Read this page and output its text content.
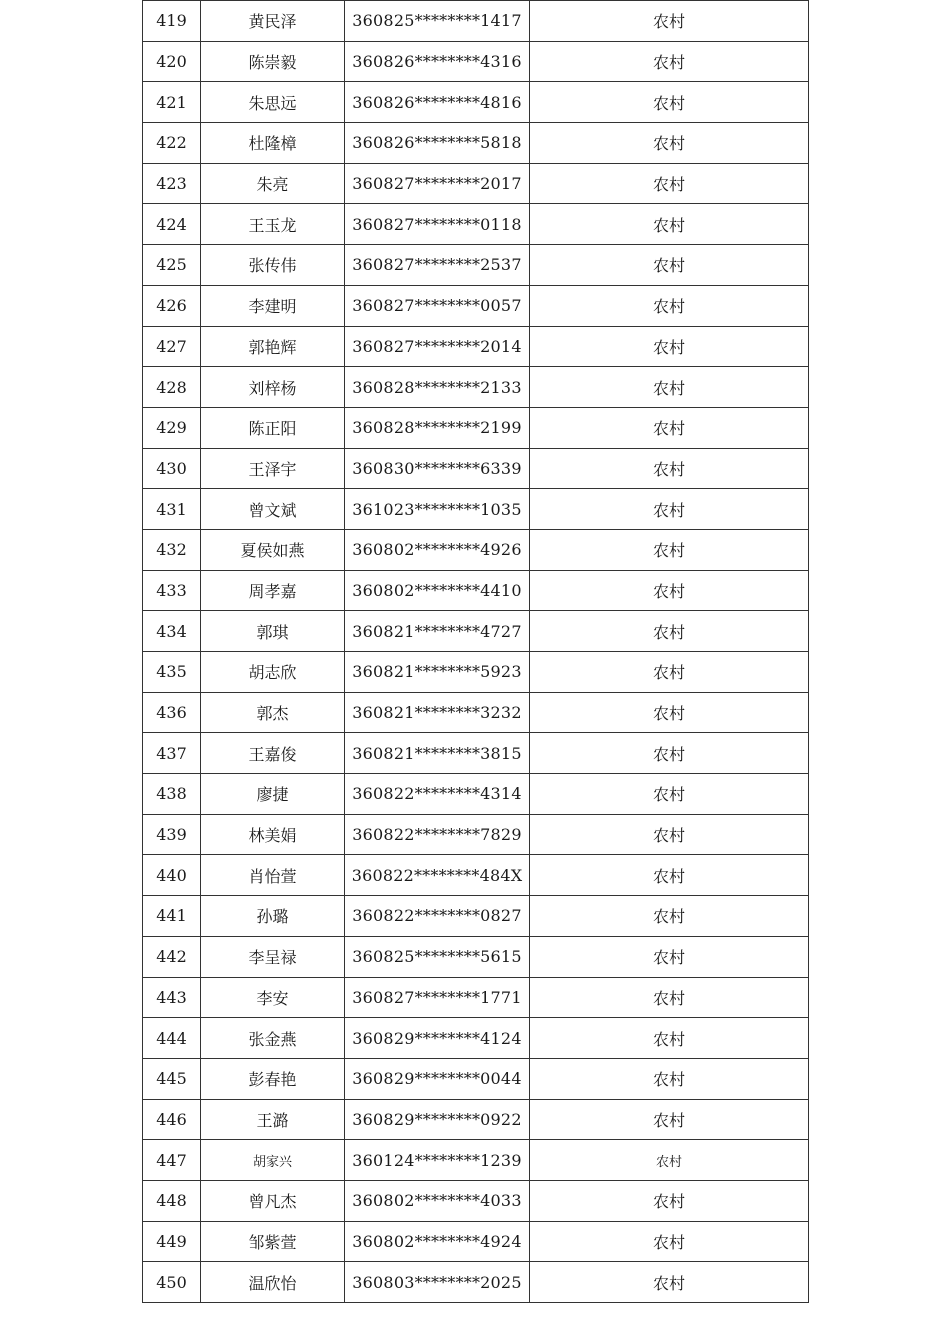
419	黄民泽	360825********1417	农村
420	陈崇毅	360826********4316	农村
421	朱思远	360826********4816	农村
422	杜隆樟	360826********5818	农村
423	朱亮	360827********2017	农村
424	王玉龙	360827********0118	农村
425	张传伟	360827********2537	农村
426	李建明	360827********0057	农村
427	郭艳辉	360827********2014	农村
428	刘梓杨	360828********2133	农村
429	陈正阳	360828********2199	农村
430	王泽宇	360830********6339	农村
431	曾文斌	361023********1035	农村
432	夏侯如燕	360802********4926	农村
433	周孝嘉	360802********4410	农村
434	郭琪	360821********4727	农村
435	胡志欣	360821********5923	农村
436	郭杰	360821********3232	农村
437	王嘉俊	360821********3815	农村
438	廖捷	360822********4314	农村
439	林美娟	360822********7829	农村
440	肖怡萱	360822********484X	农村
441	孙璐	360822********0827	农村
442	李呈禄	360825********5615	农村
443	李安	360827********1771	农村
444	张金燕	360829********4124	农村
445	彭春艳	360829********0044	农村
446	王潞	360829********0922	农村
447	胡家兴	360124********1239	农村
448	曾凡杰	360802********4033	农村
449	邹紫萱	360802********4924	农村
450	温欣怡	360803********2025	农村
